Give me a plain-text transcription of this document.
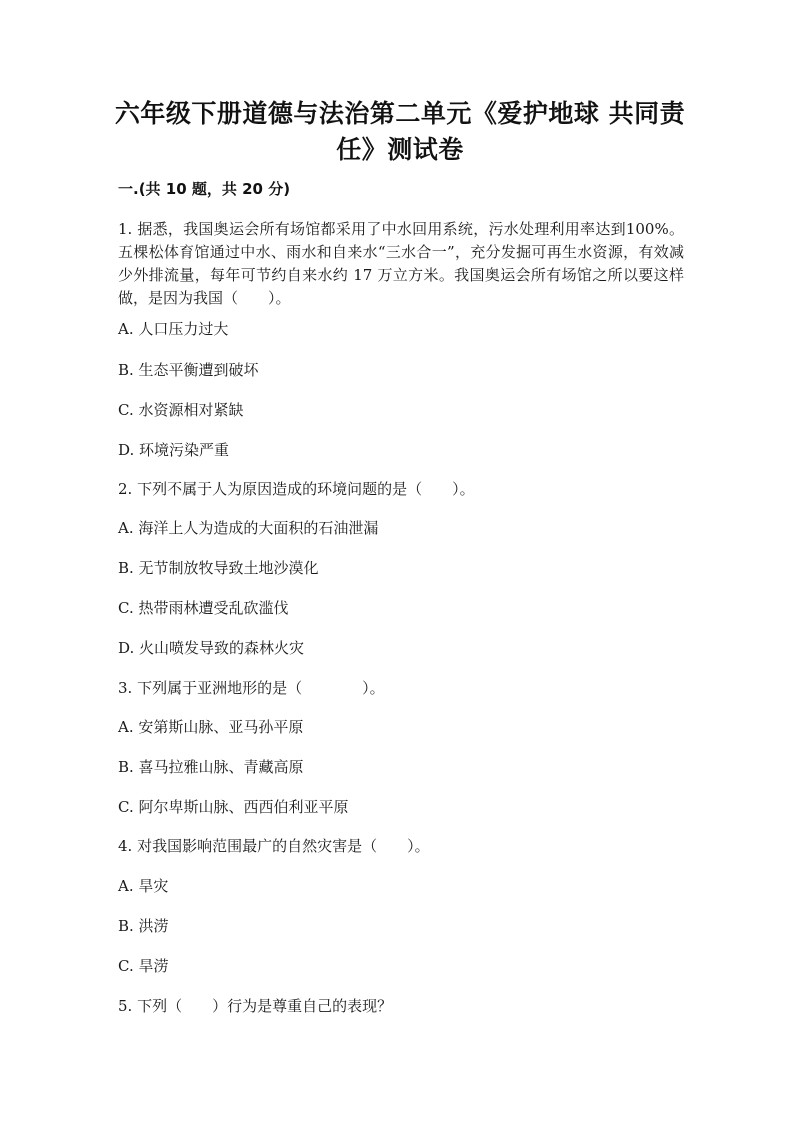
六年级下册道德与法治第二单元《爱护地球 共同责任》测试卷
一.(共 10 题，共 20 分)
1. 据悉，我国奥运会所有场馆都采用了中水回用系统，污水处理利用率达到100%。五棵松体育馆通过中水、雨水和自来水“三水合一”，充分发掘可再生水资源，有效减少外排流量，每年可节约自来水约 17 万立方米。我国奥运会所有场馆之所以要这样做，是因为我国（　　）。
A. 人口压力过大
B. 生态平衡遭到破坏
C. 水资源相对紧缺
D. 环境污染严重
2. 下列不属于人为原因造成的环境问题的是（　　）。
A. 海洋上人为造成的大面积的石油泄漏
B. 无节制放牧导致土地沙漠化
C. 热带雨林遭受乱砍滥伐
D. 火山喷发导致的森林火灾
3. 下列属于亚洲地形的是（　　　　）。
A. 安第斯山脉、亚马孙平原
B. 喜马拉雅山脉、青藏高原
C. 阿尔卑斯山脉、西西伯利亚平原
4. 对我国影响范围最广的自然灾害是（　　）。
A. 旱灾
B. 洪涝
C. 旱涝
5. 下列（　　）行为是尊重自己的表现？
